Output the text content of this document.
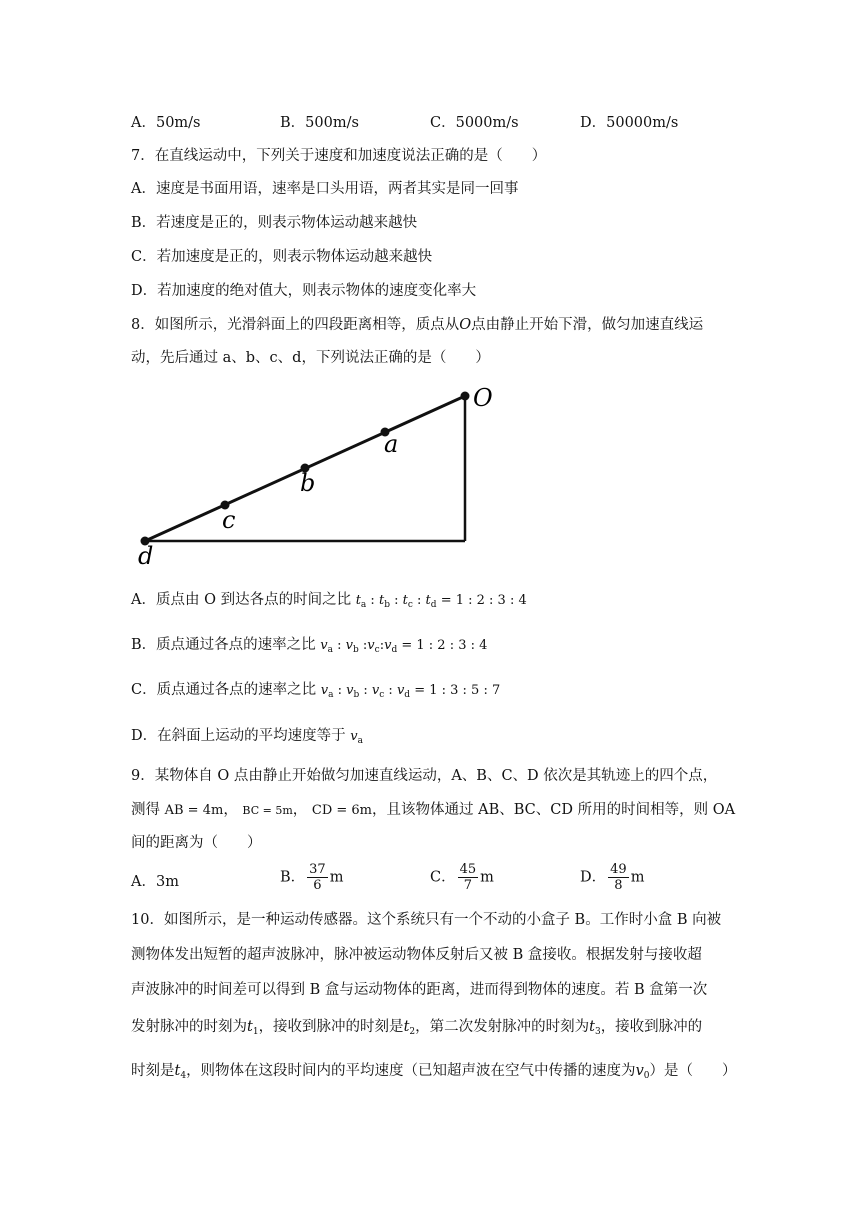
A．50m/s	B．500m/s	C．5000m/s	D．50000m/s
7．在直线运动中，下列关于速度和加速度说法正确的是（　　）
A．速度是书面用语，速率是口头用语，两者其实是同一回事
B．若速度是正的，则表示物体运动越来越快
C．若加速度是正的，则表示物体运动越来越快
D．若加速度的绝对值大，则表示物体的速度变化率大
8．如图所示，光滑斜面上的四段距离相等，质点从O点由静止开始下滑，做匀加速直线运
动，先后通过 a、b、c、d，下列说法正确的是（　　）
O
a
b
c
d
A．质点由 O 到达各点的时间之比 $t_a$ : $t_b$ : $t_c$ : $t_d = 1$ : 2 : 3 : 4
B．质点通过各点的速率之比 $v_a$ : $v_b$ $:v_c:v_d = 1$ : 2 : 3 : 4
C．质点通过各点的速率之比 $v_a$ : $v_b$ : $v_c$ : $v_d = 1$ : 3 : 5 : 7
D．在斜面上运动的平均速度等于 $v_a$
9．某物体自 O 点由静止开始做匀加速直线运动，A、B、C、D 依次是其轨迹上的四个点，
测得 AB = 4m， BC = 5m， CD = 6m，且该物体通过 AB、BC、CD 所用的时间相等，则 OA
间的距离为（　　）
A．3m	B． $\frac{37}{6}$ m	C． $\frac{45}{7}$ m	D． $\frac{49}{8}$ m
10．如图所示，是一种运动传感器。这个系统只有一个不动的小盒子 B。工作时小盒 B 向被
测物体发出短暂的超声波脉冲，脉冲被运动物体反射后又被 B 盒接收。根据发射与接收超
声波脉冲的时间差可以得到 B 盒与运动物体的距离，进而得到物体的速度。若 B 盒第一次
发射脉冲的时刻为$t_1$，接收到脉冲的时刻是$t_2$，第二次发射脉冲的时刻为$t_3$，接收到脉冲的
时刻是$t_4$，则物体在这段时间内的平均速度（已知超声波在空气中传播的速度为$v_0$）是（　　）
